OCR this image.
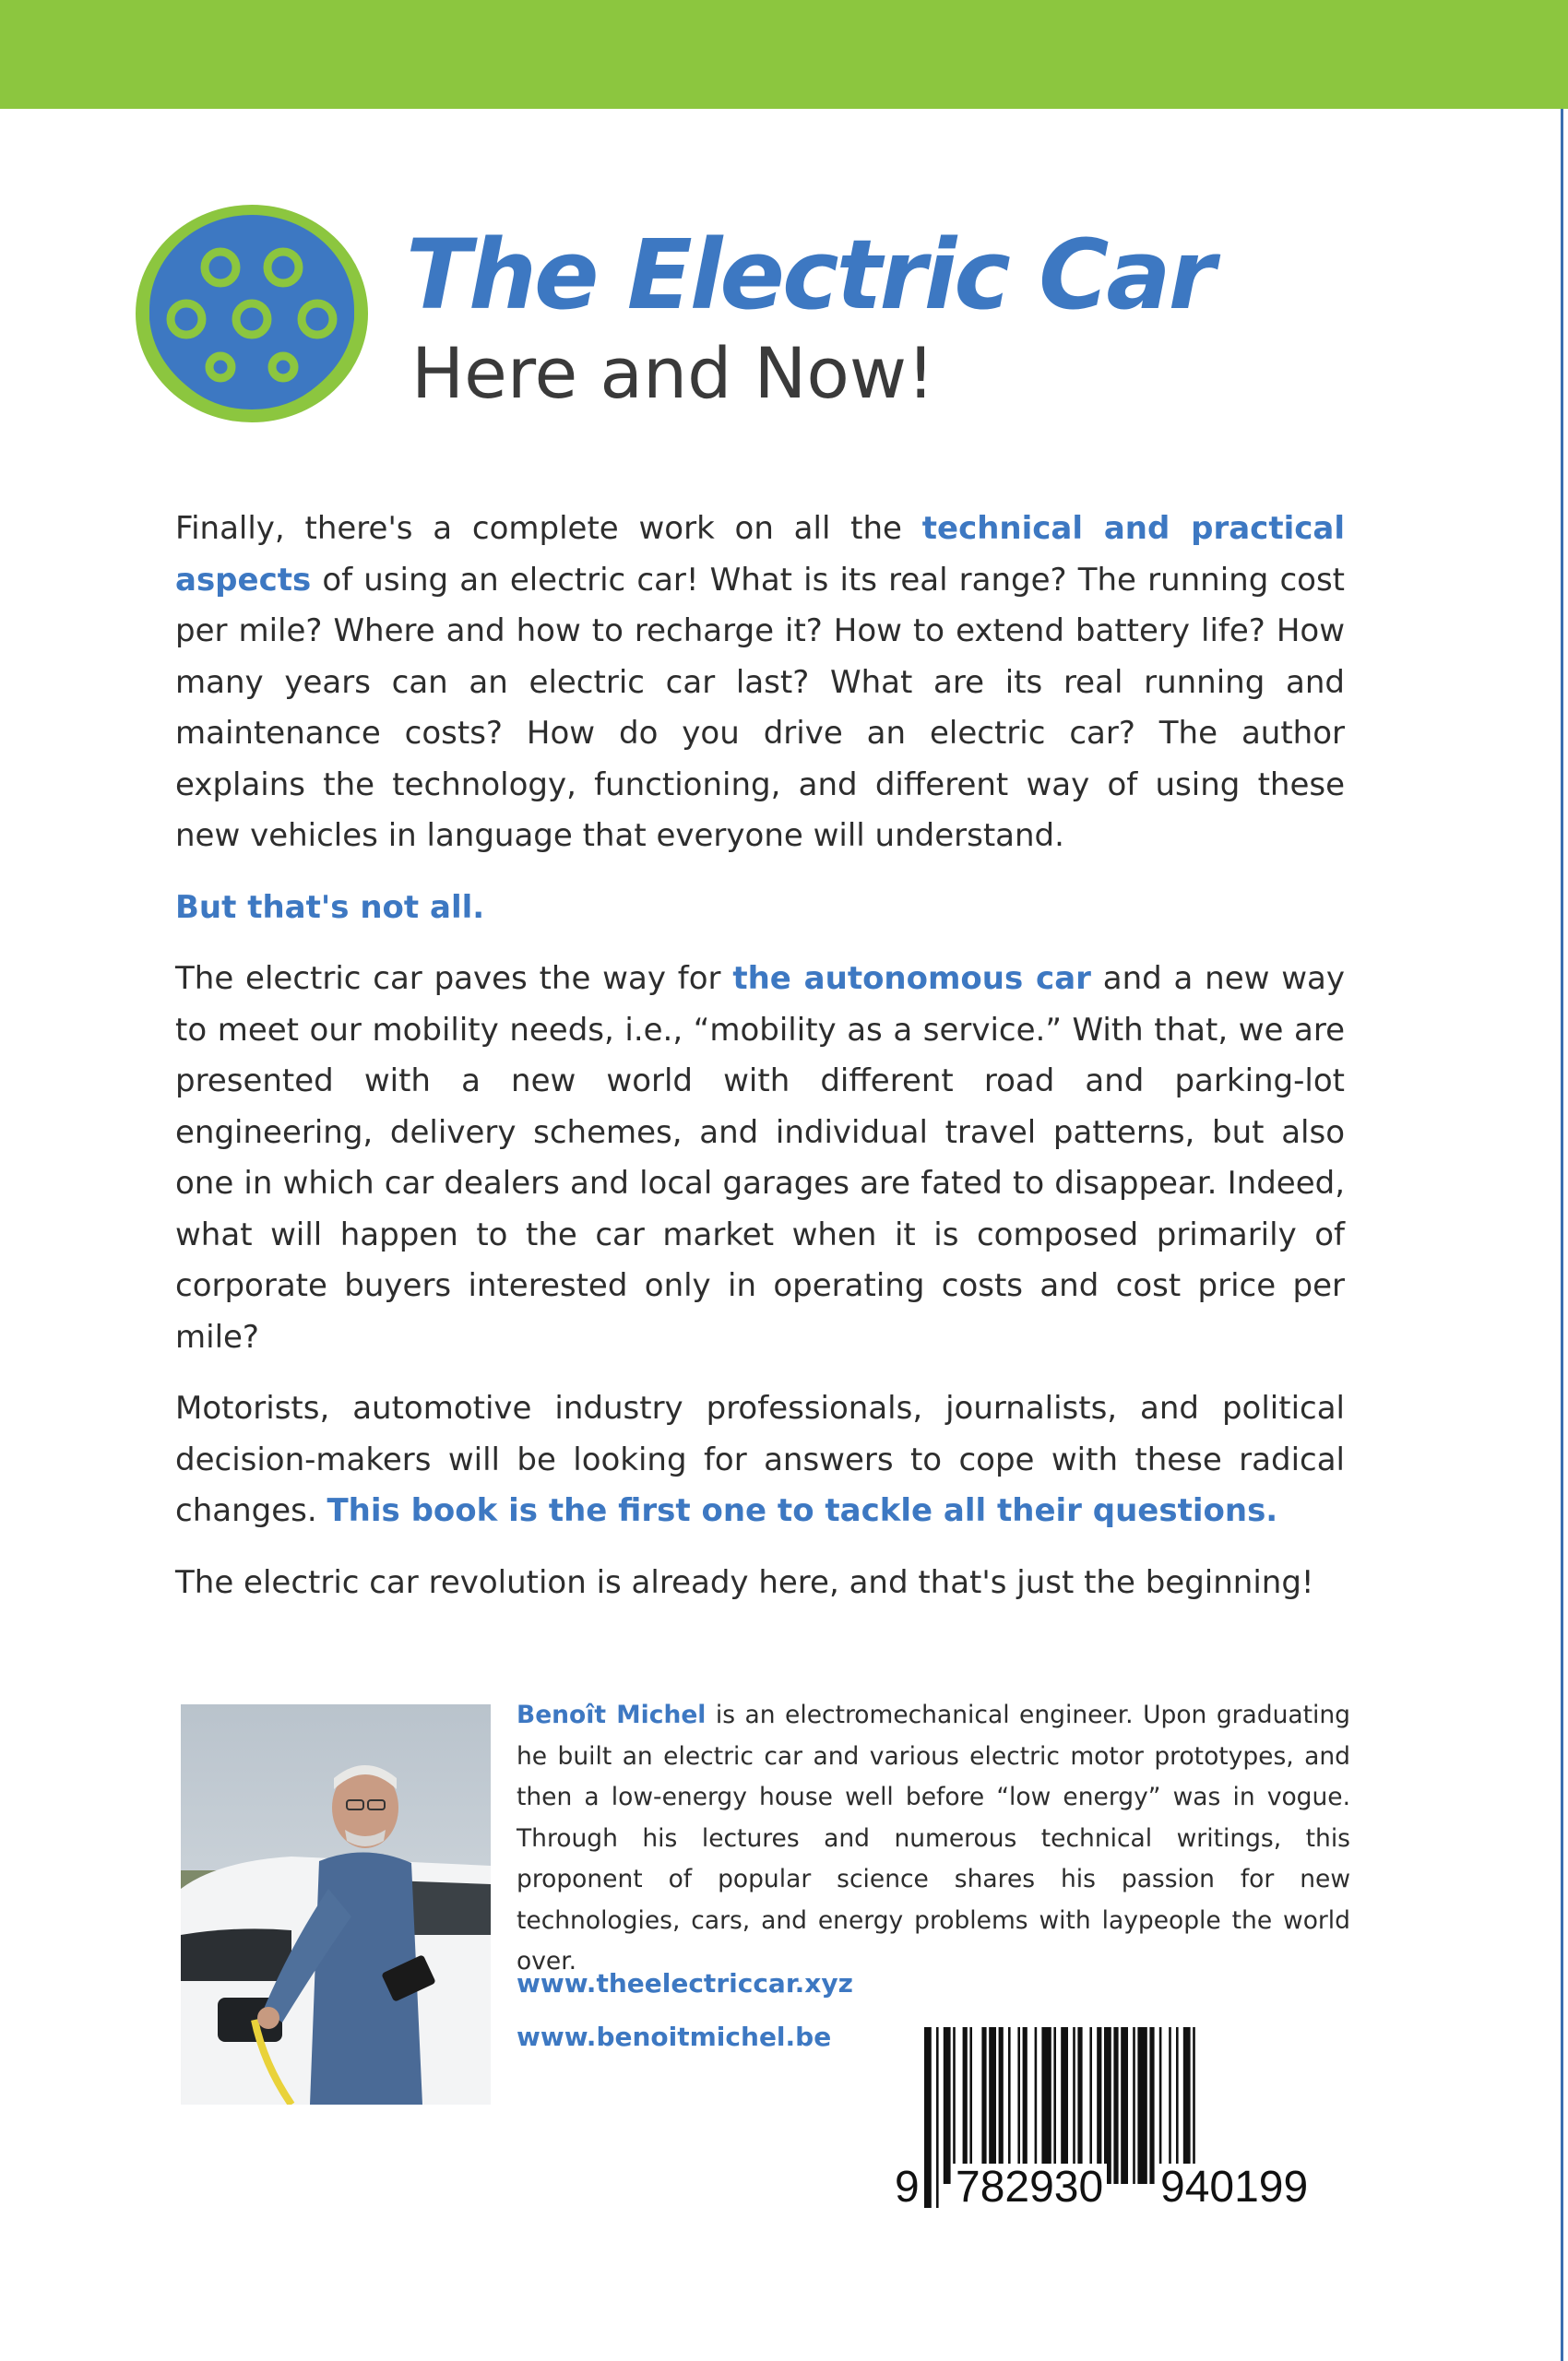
The Electric Car
Here and Now!

Finally, there's a complete work on all the technical and practical aspects of using an electric car! What is its real range? The running cost per mile? Where and how to recharge it? How to extend battery life? How many years can an electric car last? What are its real running and maintenance costs? How do you drive an electric car? The author explains the technology, functioning, and different way of using these new vehicles in language that everyone will understand.

But that's not all.

The electric car paves the way for the autonomous car and a new way to meet our mobility needs, i.e., “mobility as a service.” With that, we are presented with a new world with different road and parking-lot engineering, delivery schemes, and individual travel patterns, but also one in which car dealers and local garages are fated to disappear. Indeed, what will happen to the car market when it is composed primarily of corporate buyers interested only in operating costs and cost price per mile?

Motorists, automotive industry professionals, journalists, and political decision-makers will be looking for answers to cope with these radical changes. This book is the first one to tackle all their questions.

The electric car revolution is already here, and that's just the beginning!

Benoît Michel is an electromechanical engineer. Upon graduating he built an electric car and various electric motor prototypes, and then a low-energy house well before “low energy” was in vogue. Through his lectures and numerous technical writings, this proponent of popular science shares his passion for new technologies, cars, and energy problems with laypeople the world over.

www.theelectriccar.xyz
www.benoitmichel.be
9 782930 940199
